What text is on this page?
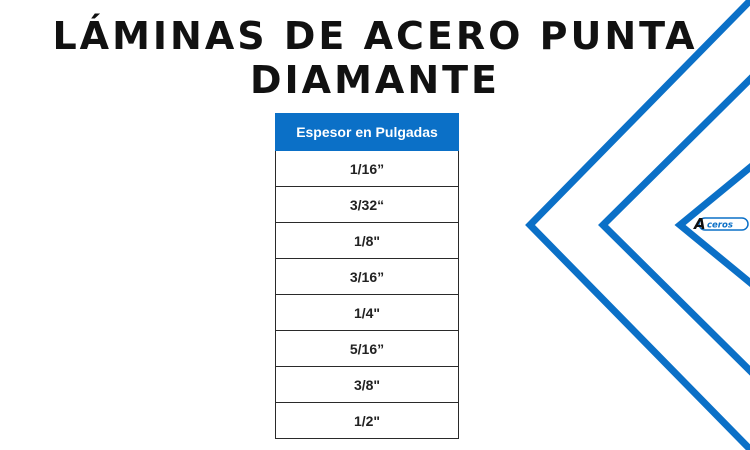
LÁMINAS DE ACERO PUNTA
DIAMANTE
Espesor en Pulgadas
1/16”
3/32“
1/8"
3/16”
1/4"
5/16”
3/8"
1/2"
A ceros
